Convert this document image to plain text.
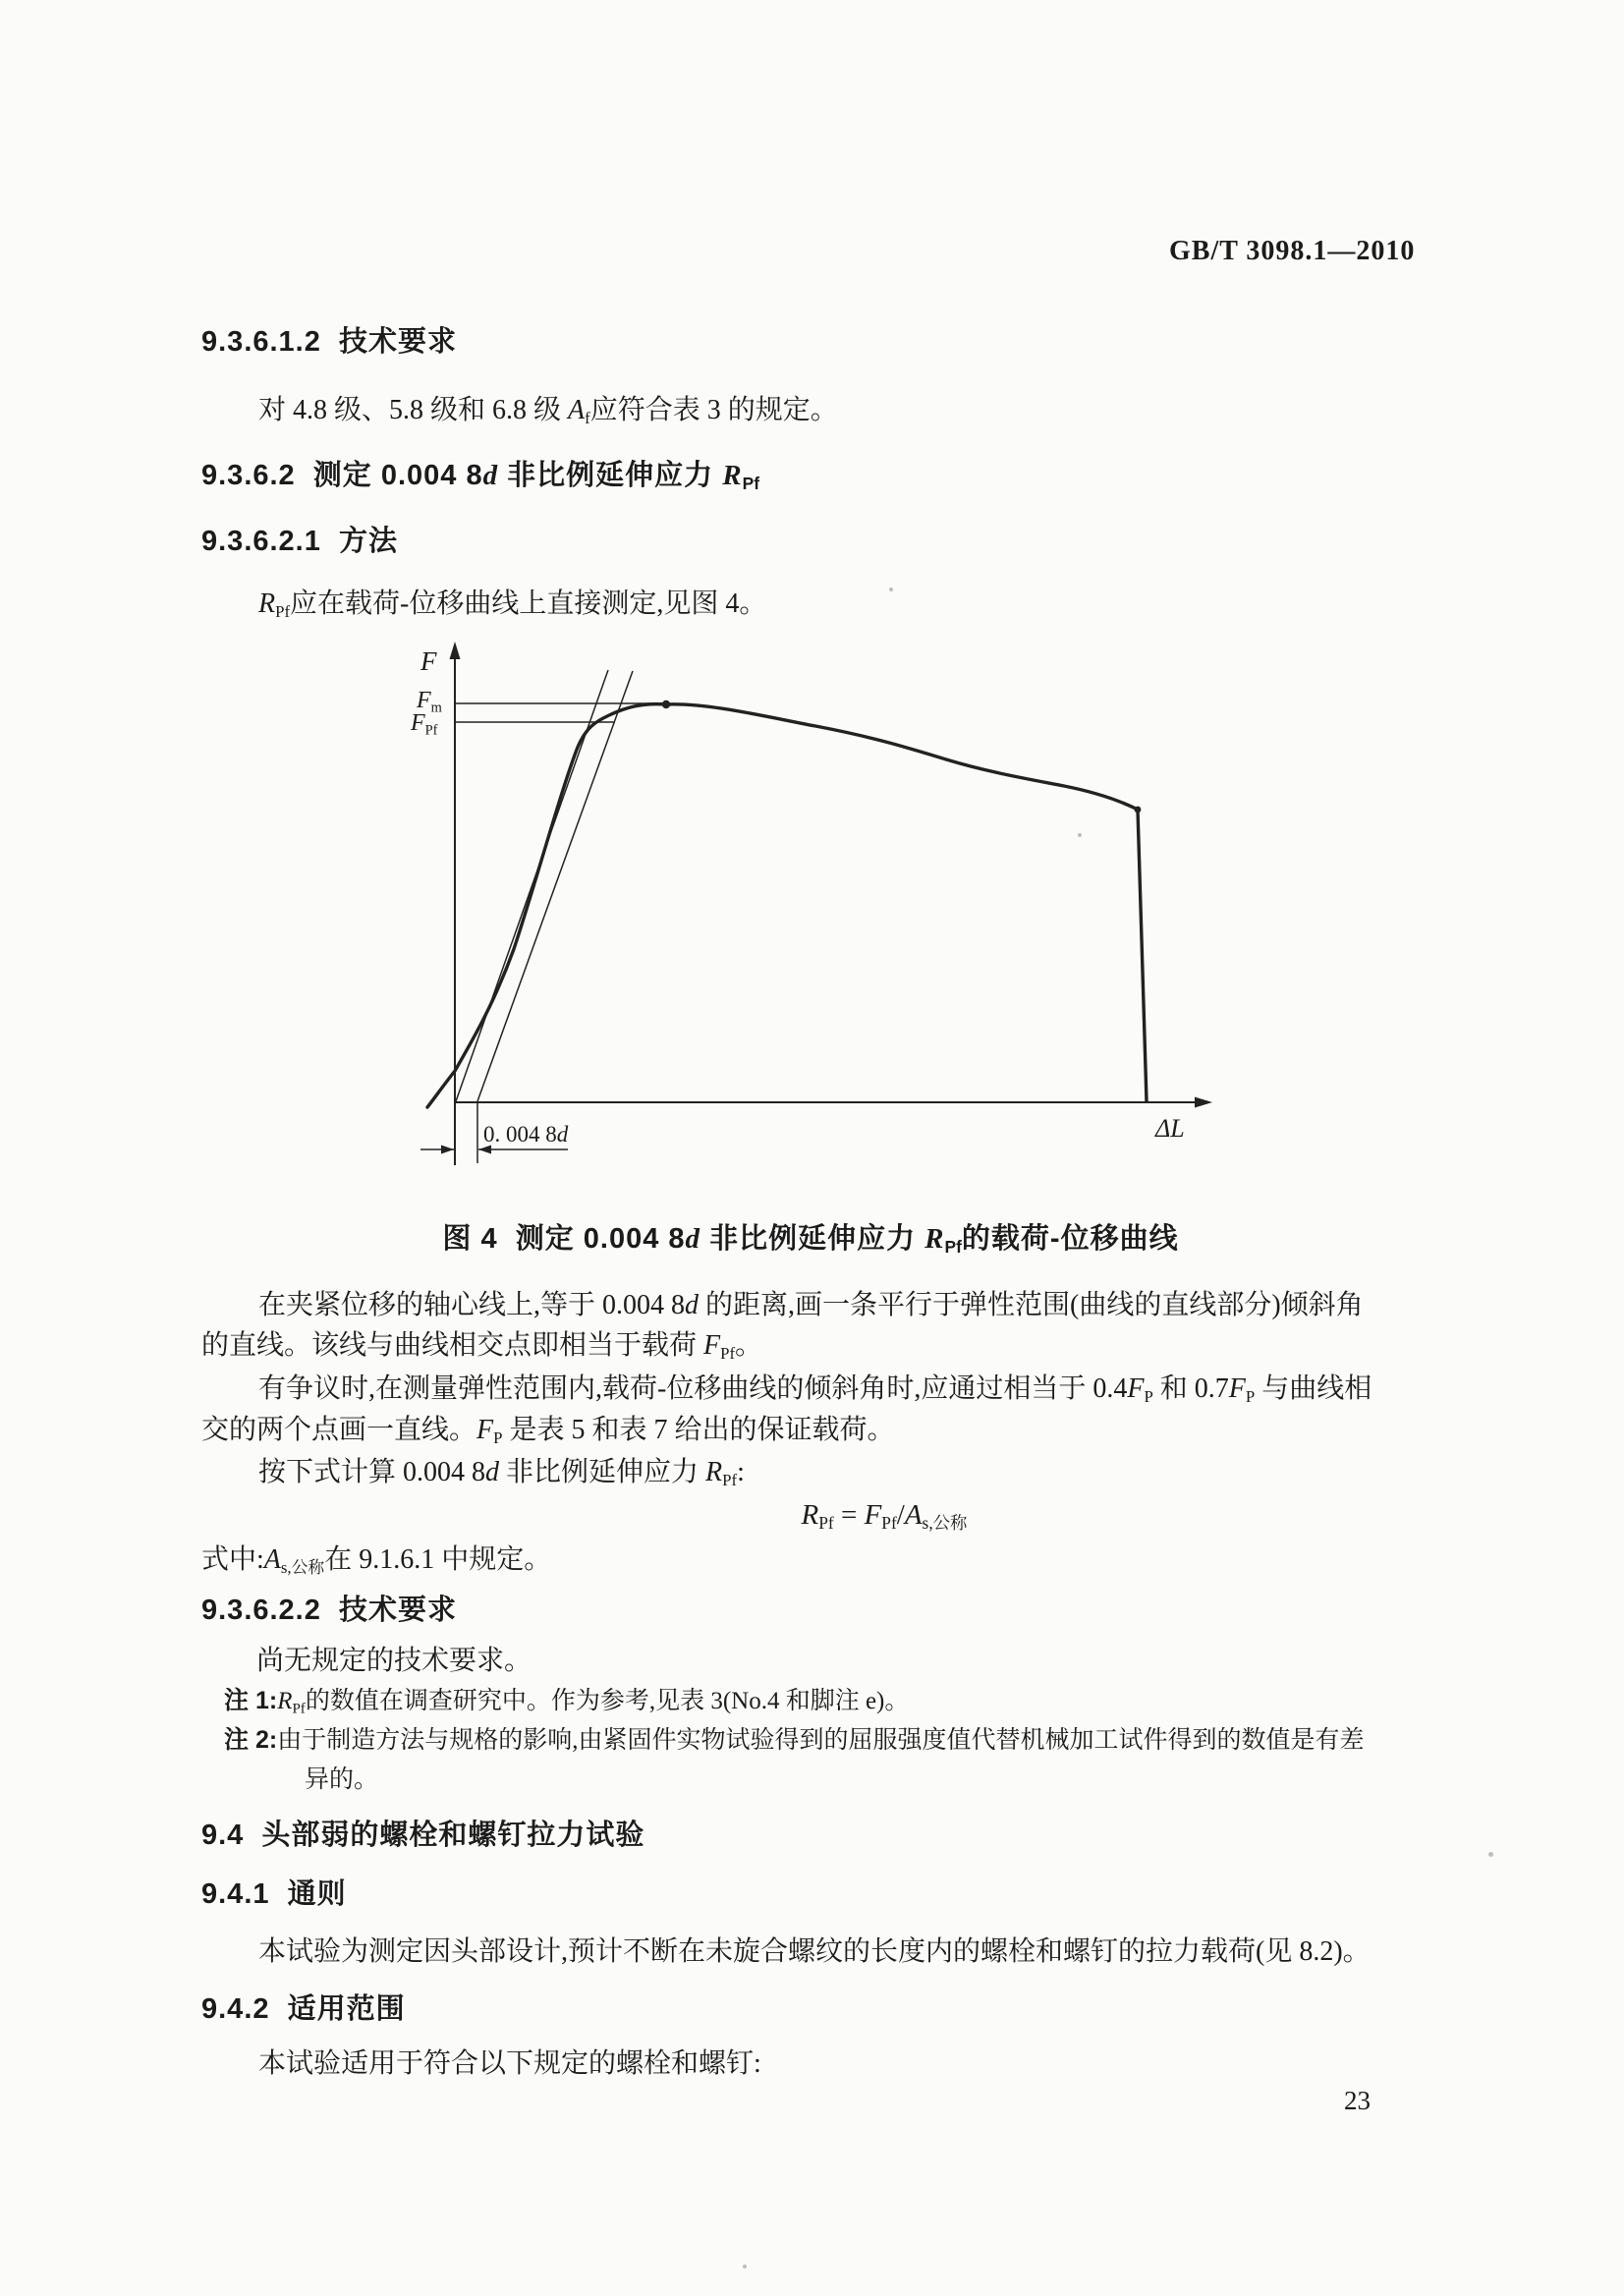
GB/T 3098.1—2010
9.3.6.1.2  技术要求
对 4.8 级、5.8 级和 6.8 级 Af应符合表 3 的规定。
9.3.6.2  测定 0.004 8d 非比例延伸应力 RPf
9.3.6.2.1  方法
RPf应在载荷-位移曲线上直接测定,见图 4。
F
Fm
FPf
ΔL
0. 004 8d
图 4  测定 0.004 8d 非比例延伸应力 RPf的载荷-位移曲线
在夹紧位移的轴心线上,等于 0.004 8d 的距离,画一条平行于弹性范围(曲线的直线部分)倾斜角
的直线。该线与曲线相交点即相当于载荷 FPf。
有争议时,在测量弹性范围内,载荷-位移曲线的倾斜角时,应通过相当于 0.4FP 和 0.7FP 与曲线相
交的两个点画一直线。FP 是表 5 和表 7 给出的保证载荷。
按下式计算 0.004 8d 非比例延伸应力 RPf:
RPf = FPf/As,公称
式中:As,公称在 9.1.6.1 中规定。
9.3.6.2.2  技术要求
尚无规定的技术要求。
注 1:RPf的数值在调查研究中。作为参考,见表 3(No.4 和脚注 e)。
注 2:由于制造方法与规格的影响,由紧固件实物试验得到的屈服强度值代替机械加工试件得到的数值是有差
异的。
9.4  头部弱的螺栓和螺钉拉力试验
9.4.1  通则
本试验为测定因头部设计,预计不断在未旋合螺纹的长度内的螺栓和螺钉的拉力载荷(见 8.2)。
9.4.2  适用范围
本试验适用于符合以下规定的螺栓和螺钉:
23
